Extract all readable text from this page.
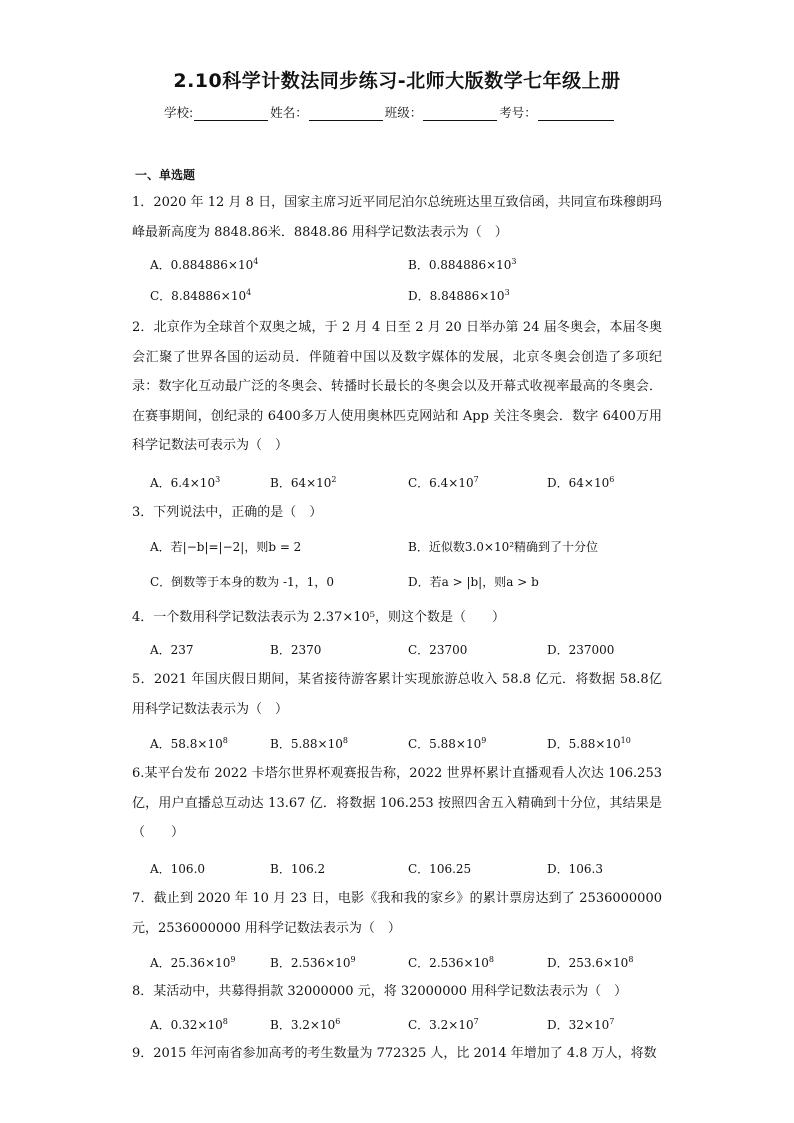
2.10科学计数法同步练习-北师大版数学七年级上册
学校:	姓名：	班级：	考号：
一、单选题
1．2020 年 12 月 8 日，国家主席习近平同尼泊尔总统班达里互致信函，共同宣布珠穆朗玛峰最新高度为 8848.86米．8848.86 用科学记数法表示为（　）
A．$0.884886\times 10^4$	B．$0.884886\times 10^3$
C．$8.84886\times 10^4$	D．$8.84886\times 10^3$
2．北京作为全球首个双奥之城，于 2 月 4 日至 2 月 20 日举办第 24 届冬奥会，本届冬奥会汇聚了世界各国的运动员．伴随着中国以及数字媒体的发展，北京冬奥会创造了多项纪录：数字化互动最广泛的冬奥会、转播时长最长的冬奥会以及开幕式收视率最高的冬奥会．在赛事期间，创纪录的 6400多万人使用奥林匹克网站和 App 关注冬奥会．数字 6400万用科学记数法可表示为（　）
A．$6.4\times 10^3$	B．$64\times 10^2$	C．$6.4\times 10^7$	D．$64\times 10^6$
3．下列说法中，正确的是（　）
A．若|−b|=|−2|，则b = 2	B．近似数3.0×10²精确到了十分位
C．倒数等于本身的数为 -1，1，0	D．若a > |b|，则a > b
4．一个数用科学记数法表示为 2.37×10⁵，则这个数是（　　）
A．237	B．2370	C．23700	D．237000
5．2021 年国庆假日期间，某省接待游客累计实现旅游总收入 58.8 亿元．将数据 58.8亿用科学记数法表示为（　）
A．$58.8\times 10^8$	B．$5.88\times 10^8$	C．$5.88\times 10^9$	D．$5.88\times 10^{10}$
6.某平台发布 2022 卡塔尔世界杯观赛报告称，2022 世界杯累计直播观看人次达 106.253亿，用户直播总互动达 13.67 亿．将数据 106.253 按照四舍五入精确到十分位，其结果是（　　）
A．106.0	B．106.2	C．106.25	D．106.3
7．截止到 2020 年 10 月 23 日，电影《我和我的家乡》的累计票房达到了 2536000000元，2536000000 用科学记数法表示为（　）
A．$25.36\times 10^9$	B．$2.536\times 10^9$	C．$2.536\times 10^8$	D．$253.6\times 10^8$
8．某活动中，共募得捐款 32000000 元，将 32000000 用科学记数法表示为（　）
A．$0.32\times 10^8$	B．$3.2\times 10^6$	C．$3.2\times 10^7$	D．$32\times 10^7$
9．2015 年河南省参加高考的考生数量为 772325 人，比 2014 年增加了 4.8 万人，将数
